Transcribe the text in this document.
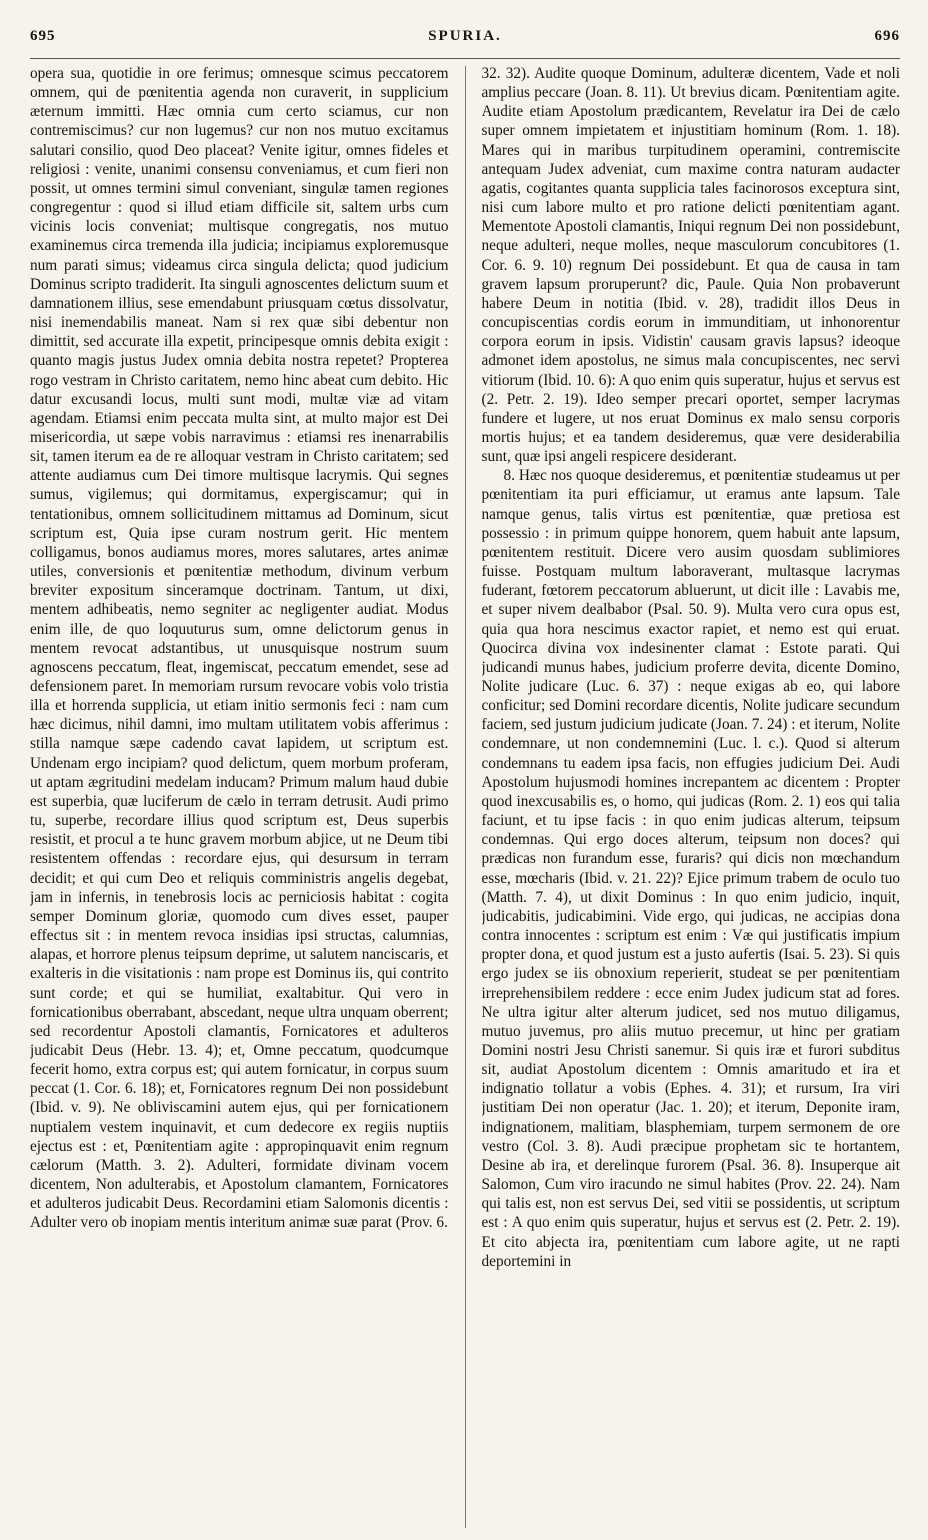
695	SPURIA.	696

opera sua, quotidie in ore ferimus; omnesque scimus peccatorem omnem, qui de pœnitentia agenda non curaverit, in supplicium æternum immitti. Hæc omnia cum certo sciamus, cur non contremiscimus? cur non lugemus? cur non nos mutuo excitamus salutari consilio, quod Deo placeat? Venite igitur, omnes fideles et religiosi : venite, unanimi consensu conveniamus, et cum fieri non possit, ut omnes termini simul conveniant, singulæ tamen regiones congregentur : quod si illud etiam difficile sit, saltem urbs cum vicinis locis conveniat; multisque congregatis, nos mutuo examinemus circa tremenda illa judicia; incipiamus exploremusque num parati simus; videamus circa singula delicta; quod judicium Dominus scripto tradiderit. Ita singuli agnoscentes delictum suum et damnationem illius, sese emendabunt priusquam cœtus dissolvatur, nisi inemendabilis maneat. Nam si rex quæ sibi debentur non dimittit, sed accurate illa expetit, principesque omnis debita exigit : quanto magis justus Judex omnia debita nostra repetet? Propterea rogo vestram in Christo caritatem, nemo hinc abeat cum debito. Hic datur excusandi locus, multi sunt modi, multæ viæ ad vitam agendam. Etiamsi enim peccata multa sint, at multo major est Dei misericordia, ut sæpe vobis narravimus : etiamsi res inenarrabilis sit, tamen iterum ea de re alloquar vestram in Christo caritatem; sed attente audiamus cum Dei timore multisque lacrymis. Qui segnes sumus, vigilemus; qui dormitamus, expergiscamur; qui in tentationibus, omnem sollicitudinem mittamus ad Dominum, sicut scriptum est, Quia ipse curam nostrum gerit. Hic mentem colligamus, bonos audiamus mores, mores salutares, artes animæ utiles, conversionis et pœnitentiæ methodum, divinum verbum breviter expositum sinceramque doctrinam. Tantum, ut dixi, mentem adhibeatis, nemo segniter ac negligenter audiat. Modus enim ille, de quo loquuturus sum, omne delictorum genus in mentem revocat adstantibus, ut unusquisque nostrum suum agnoscens peccatum, fleat, ingemiscat, peccatum emendet, sese ad defensionem paret. In memoriam rursum revocare vobis volo tristia illa et horrenda supplicia, ut etiam initio sermonis feci : nam cum hæc dicimus, nihil damni, imo multam utilitatem vobis afferimus : stilla namque sæpe cadendo cavat lapidem, ut scriptum est. Undenam ergo incipiam? quod delictum, quem morbum proferam, ut aptam ægritudini medelam inducam? Primum malum haud dubie est superbia, quæ luciferum de cælo in terram detrusit. Audi primo tu, superbe, recordare illius quod scriptum est, Deus superbis resistit, et procul a te hunc gravem morbum abjice, ut ne Deum tibi resistentem offendas : recordare ejus, qui desursum in terram decidit; et qui cum Deo et reliquis comministris angelis degebat, jam in infernis, in tenebrosis locis ac perniciosis habitat : cogita semper Dominum gloriæ, quomodo cum dives esset, pauper effectus sit : in mentem revoca insidias ipsi structas, calumnias, alapas, et horrore plenus teipsum deprime, ut salutem nanciscaris, et exalteris in die visitationis : nam prope est Dominus iis, qui contrito sunt corde; et qui se humiliat, exaltabitur. Qui vero in fornicationibus oberrabant, abscedant, neque ultra unquam oberrent; sed recordentur Apostoli clamantis, Fornicatores et adulteros judicabit Deus (Hebr. 13. 4); et, Omne peccatum, quodcumque fecerit homo, extra corpus est; qui autem fornicatur, in corpus suum peccat (1. Cor. 6. 18); et, Fornicatores regnum Dei non possidebunt (Ibid. v. 9). Ne obliviscamini autem ejus, qui per fornicationem nuptialem vestem inquinavit, et cum dedecore ex regiis nuptiis ejectus est : et, Pœnitentiam agite : appropinquavit enim regnum cælorum (Matth. 3. 2). Adulteri, formidate divinam vocem dicentem, Non adulterabis, et Apostolum clamantem, Fornicatores et adulteros judicabit Deus. Recordamini etiam Salomonis dicentis : Adulter vero ob inopiam mentis interitum animæ suæ parat (Prov. 6.

32. 32). Audite quoque Dominum, adulteræ dicentem, Vade et noli amplius peccare (Joan. 8. 11). Ut brevius dicam. Pœnitentiam agite. Audite etiam Apostolum prædicantem, Revelatur ira Dei de cælo super omnem impietatem et injustitiam hominum (Rom. 1. 18). Mares qui in maribus turpitudinem operamini, contremiscite antequam Judex adveniat, cum maxime contra naturam audacter agatis, cogitantes quanta supplicia tales facinorosos exceptura sint, nisi cum labore multo et pro ratione delicti pœnitentiam agant. Mementote Apostoli clamantis, Iniqui regnum Dei non possidebunt, neque adulteri, neque molles, neque masculorum concubitores (1. Cor. 6. 9. 10) regnum Dei possidebunt. Et qua de causa in tam gravem lapsum proruperunt? dic, Paule. Quia Non probaverunt habere Deum in notitia (Ibid. v. 28), tradidit illos Deus in concupiscentias cordis eorum in immunditiam, ut inhonorentur corpora eorum in ipsis. Vidistin' causam gravis lapsus? ideoque admonet idem apostolus, ne simus mala concupiscentes, nec servi vitiorum (Ibid. 10. 6): A quo enim quis superatur, hujus et servus est (2. Petr. 2. 19). Ideo semper precari oportet, semper lacrymas fundere et lugere, ut nos eruat Dominus ex malo sensu corporis mortis hujus; et ea tandem desideremus, quæ vere desiderabilia sunt, quæ ipsi angeli respicere desiderant.

8. Hæc nos quoque desideremus, et pœnitentiæ studeamus ut per pœnitentiam ita puri efficiamur, ut eramus ante lapsum. Tale namque genus, talis virtus est pœnitentiæ, quæ pretiosa est possessio : in primum quippe honorem, quem habuit ante lapsum, pœnitentem restituit. Dicere vero ausim quosdam sublimiores fuisse. Postquam multum laboraverant, multasque lacrymas fuderant, fœtorem peccatorum abluerunt, ut dicit ille : Lavabis me, et super nivem dealbabor (Psal. 50. 9). Multa vero cura opus est, quia qua hora nescimus exactor rapiet, et nemo est qui eruat. Quocirca divina vox indesinenter clamat : Estote parati. Qui judicandi munus habes, judicium proferre devita, dicente Domino, Nolite judicare (Luc. 6. 37) : neque exigas ab eo, qui labore conficitur; sed Domini recordare dicentis, Nolite judicare secundum faciem, sed justum judicium judicate (Joan. 7. 24) : et iterum, Nolite condemnare, ut non condemnemini (Luc. l. c.). Quod si alterum condemnans tu eadem ipsa facis, non effugies judicium Dei. Audi Apostolum hujusmodi homines increpantem ac dicentem : Propter quod inexcusabilis es, o homo, qui judicas (Rom. 2. 1) eos qui talia faciunt, et tu ipse facis : in quo enim judicas alterum, teipsum condemnas. Qui ergo doces alterum, teipsum non doces? qui prædicas non furandum esse, furaris? qui dicis non mœchandum esse, mœcharis (Ibid. v. 21. 22)? Ejice primum trabem de oculo tuo (Matth. 7. 4), ut dixit Dominus : In quo enim judicio, inquit, judicabitis, judicabimini. Vide ergo, qui judicas, ne accipias dona contra innocentes : scriptum est enim : Væ qui justificatis impium propter dona, et quod justum est a justo aufertis (Isai. 5. 23). Si quis ergo judex se iis obnoxium reperierit, studeat se per pœnitentiam irreprehensibilem reddere : ecce enim Judex judicum stat ad fores. Ne ultra igitur alter alterum judicet, sed nos mutuo diligamus, mutuo juvemus, pro aliis mutuo precemur, ut hinc per gratiam Domini nostri Jesu Christi sanemur. Si quis iræ et furori subditus sit, audiat Apostolum dicentem : Omnis amaritudo et ira et indignatio tollatur a vobis (Ephes. 4. 31); et rursum, Ira viri justitiam Dei non operatur (Jac. 1. 20); et iterum, Deponite iram, indignationem, malitiam, blasphemiam, turpem sermonem de ore vestro (Col. 3. 8). Audi præcipue prophetam sic te hortantem, Desine ab ira, et derelinque furorem (Psal. 36. 8). Insuperque ait Salomon, Cum viro iracundo ne simul habites (Prov. 22. 24). Nam qui talis est, non est servus Dei, sed vitii se possidentis, ut scriptum est : A quo enim quis superatur, hujus et servus est (2. Petr. 2. 19). Et cito abjecta ira, pœnitentiam cum labore agite, ut ne rapti deportemini in
